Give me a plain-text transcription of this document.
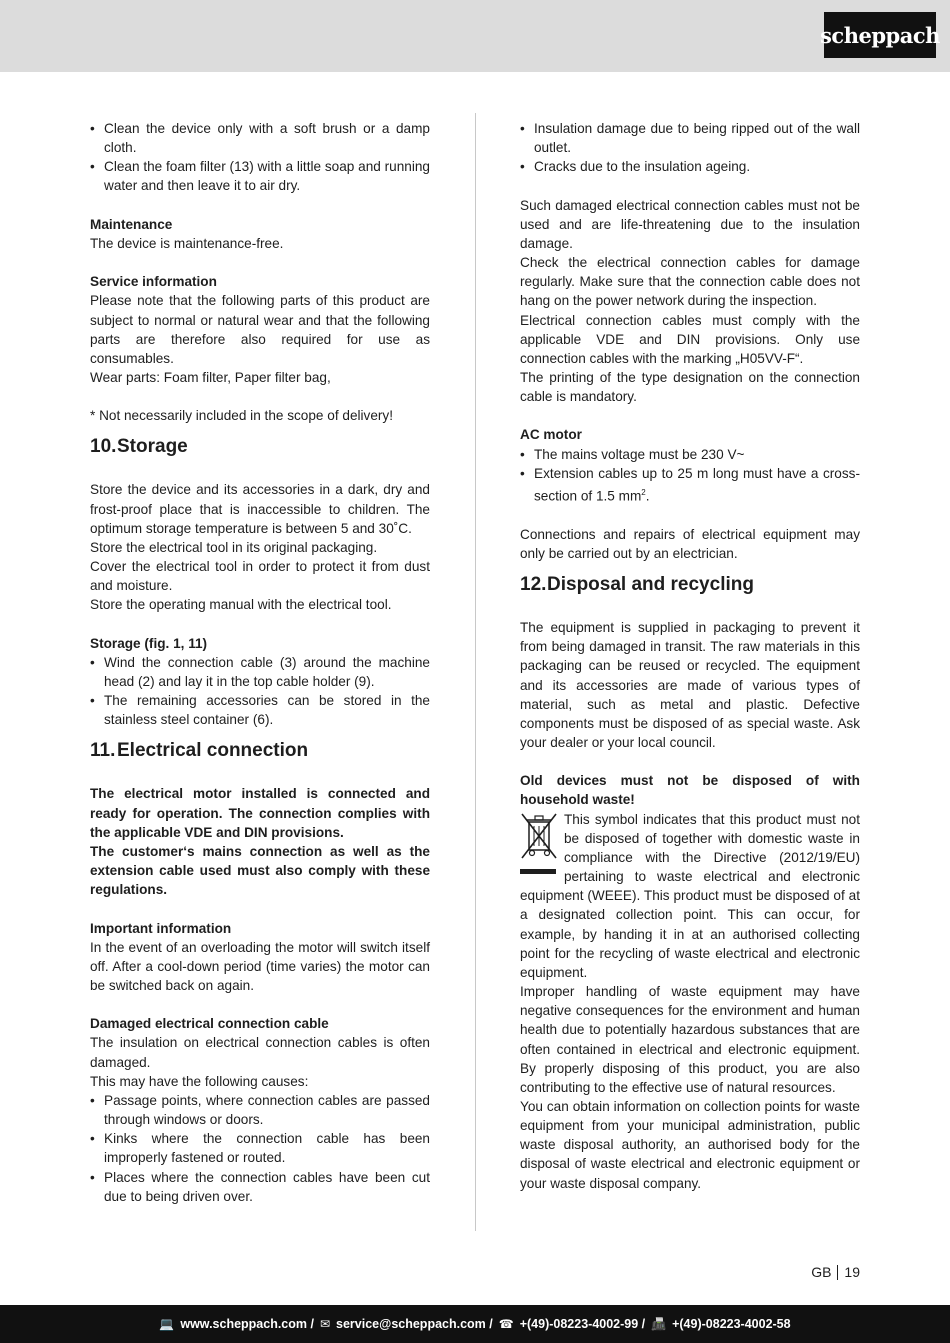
scheppach
• Clean the device only with a soft brush or a damp cloth.
• Clean the foam filter (13) with a little soap and running water and then leave it to air dry.

Maintenance

The device is maintenance-free.

Service information

Please note that the following parts of this product are subject to normal or natural wear and that the following parts are therefore also required for use as consumables.

Wear parts: Foam filter, Paper filter bag,

* Not necessarily included in the scope of delivery!

10. Storage

Store the device and its accessories in a dark, dry and frost-proof place that is inaccessible to children. The optimum storage temperature is between 5 and 30˚C.

Store the electrical tool in its original packaging.

Cover the electrical tool in order to protect it from dust and moisture.

Store the operating manual with the electrical tool.

Storage (fig. 1, 11)

• Wind the connection cable (3) around the machine head (2) and lay it in the top cable holder (9).
• The remaining accessories can be stored in the stainless steel container (6).
11. Electrical connection

The electrical motor installed is connected and ready for operation. The connection complies with the applicable VDE and DIN provisions.

The customer‘s mains connection as well as the extension cable used must also comply with these regulations.

Important information

In the event of an overloading the motor will switch itself off. After a cool-down period (time varies) the motor can be switched back on again.

Damaged electrical connection cable

The insulation on electrical connection cables is often damaged.

This may have the following causes:

• Passage points, where connection cables are passed through windows or doors.
• Kinks where the connection cable has been improperly fastened or routed.
• Places where the connection cables have been cut due to being driven over.
• Insulation damage due to being ripped out of the wall outlet.
• Cracks due to the insulation ageing.

Such damaged electrical connection cables must not be used and are life-threatening due to the insulation damage.

Check the electrical connection cables for damage regularly. Make sure that the connection cable does not hang on the power network during the inspection.

Electrical connection cables must comply with the applicable VDE and DIN provisions. Only use connection cables with the marking „H05VV-F“.

The printing of the type designation on the connection cable is mandatory.

AC motor

• The mains voltage must be 230 V~
• Extension cables up to 25 m long must have a cross-section of 1.5 $mm^2$.

Connections and repairs of electrical equipment may only be carried out by an electrician.

12. Disposal and recycling

The equipment is supplied in packaging to prevent it from being damaged in transit. The raw materials in this packaging can be reused or recycled. The equipment and its accessories are made of various types of material, such as metal and plastic. Defective components must be disposed of as special waste. Ask your dealer or your local council.

Old devices must not be disposed of with household waste!

This symbol indicates that this product must not be disposed of together with domestic waste in compliance with the Directive (2012/19/EU) pertaining to waste electrical and electronic equipment (WEEE). This product must be disposed of at a designated collection point. This can occur, for example, by handing it in at an authorised collecting point for the recycling of waste electrical and electronic equipment.

Improper handling of waste equipment may have negative consequences for the environment and human health due to potentially hazardous substances that are often contained in electrical and electronic equipment. By properly disposing of this product, you are also contributing to the effective use of natural resources.

You can obtain information on collection points for waste equipment from your municipal administration, public waste disposal authority, an authorised body for the disposal of waste electrical and electronic equipment or your waste disposal company.

GB 19
💻 www.scheppach.com / ✉ service@scheppach.com / ☎ +(49)-08223-4002-99 / 📠 +(49)-08223-4002-58
